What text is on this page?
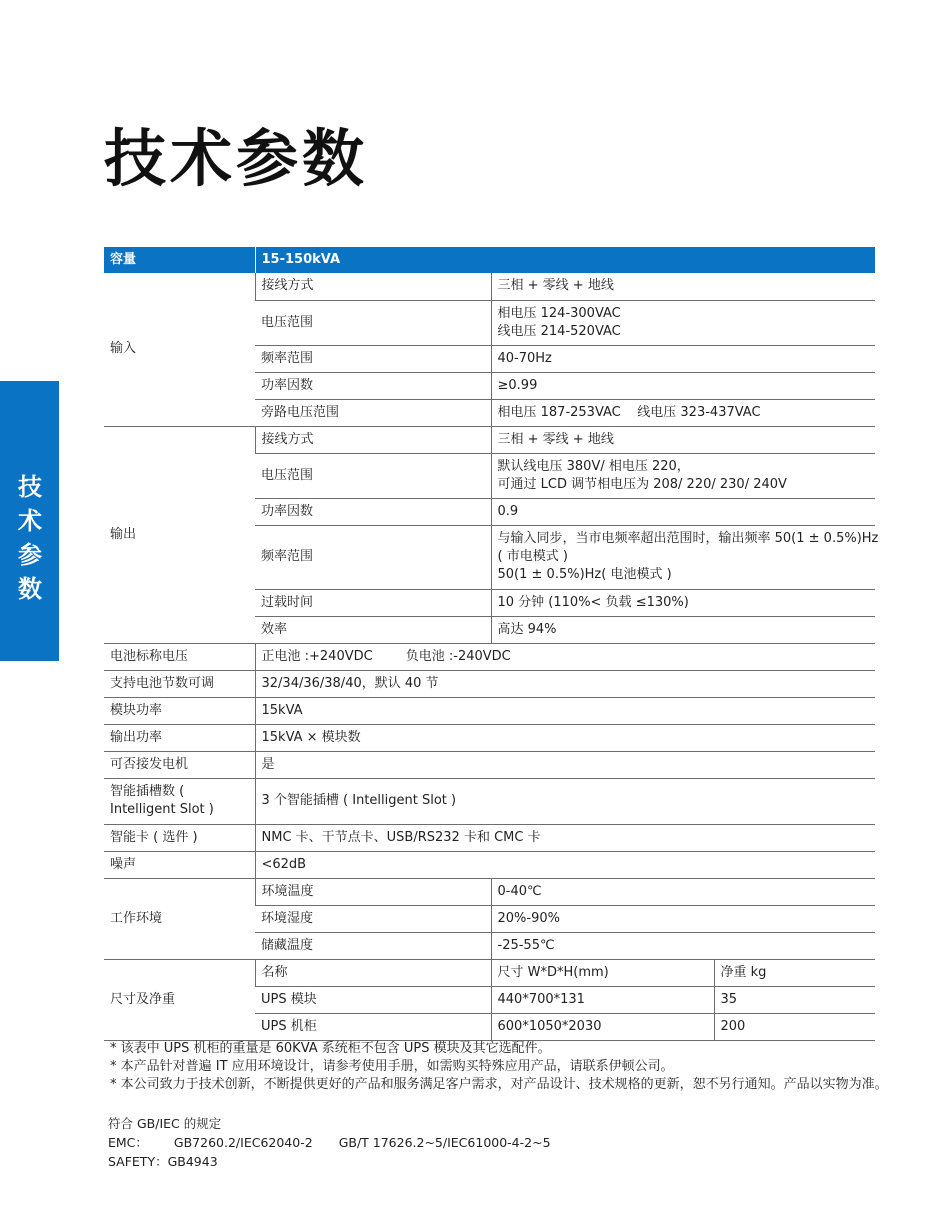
技术参数
技术参数
容量	15-150kVA		
输入	接线方式	三相 + 零线 + 地线	
	电压范围	相电压 124-300VAC
线电压 214-520VAC	

	频率范围	40-70Hz	
	功率因数	≥0.99	
	旁路电压范围	相电压 187-253VAC    线电压 323-437VAC	
输出	接线方式	三相 + 零线 + 地线	
	电压范围	默认线电压 380V/ 相电压 220，
可通过 LCD 调节相电压为 208/ 220/ 230/ 240V	

	功率因数	0.9	
	频率范围	与输入同步，当市电频率超出范围时，输出频率 50(1 ± 0.5%)Hz
( 市电模式 )
50(1 ± 0.5%)Hz( 电池模式 )	

	过载时间	10 分钟 (110%< 负载 ≤130%)	
	效率	高达 94%	
电池标称电压	正电池 :+240VDC        负电池 :-240VDC		
支持电池节数可调	32/34/36/38/40，默认 40 节		
模块功率	15kVA		
输出功率	15kVA × 模块数		
可否接发电机	是		
智能插槽数 ( Intelligent Slot )	3 个智能插槽 ( Intelligent Slot )		
智能卡 ( 选件 )	NMC 卡、干节点卡、USB/RS232 卡和 CMC 卡		
噪声	<62dB		
工作环境	环境温度	0-40℃	
	环境湿度	20%-90%	
	储藏温度	-25-55℃	
尺寸及净重	名称	尺寸 W*D*H(mm)	净重 kg
	UPS 模块	440*700*131	35
	UPS 机柜	600*1050*2030	200
* 该表中 UPS 机柜的重量是 60KVA 系统柜不包含 UPS 模块及其它选配件。
* 本产品针对普遍 IT 应用环境设计，请参考使用手册，如需购买特殊应用产品，请联系伊顿公司。
* 本公司致力于技术创新，不断提供更好的产品和服务满足客户需求，对产品设计、技术规格的更新，恕不另行通知。产品以实物为准。
符合 GB/IEC 的规定
EMC： GB7260.2/IEC62040-2 GB/T 17626.2~5/IEC61000-4-2~5
SAFETY：GB4943
